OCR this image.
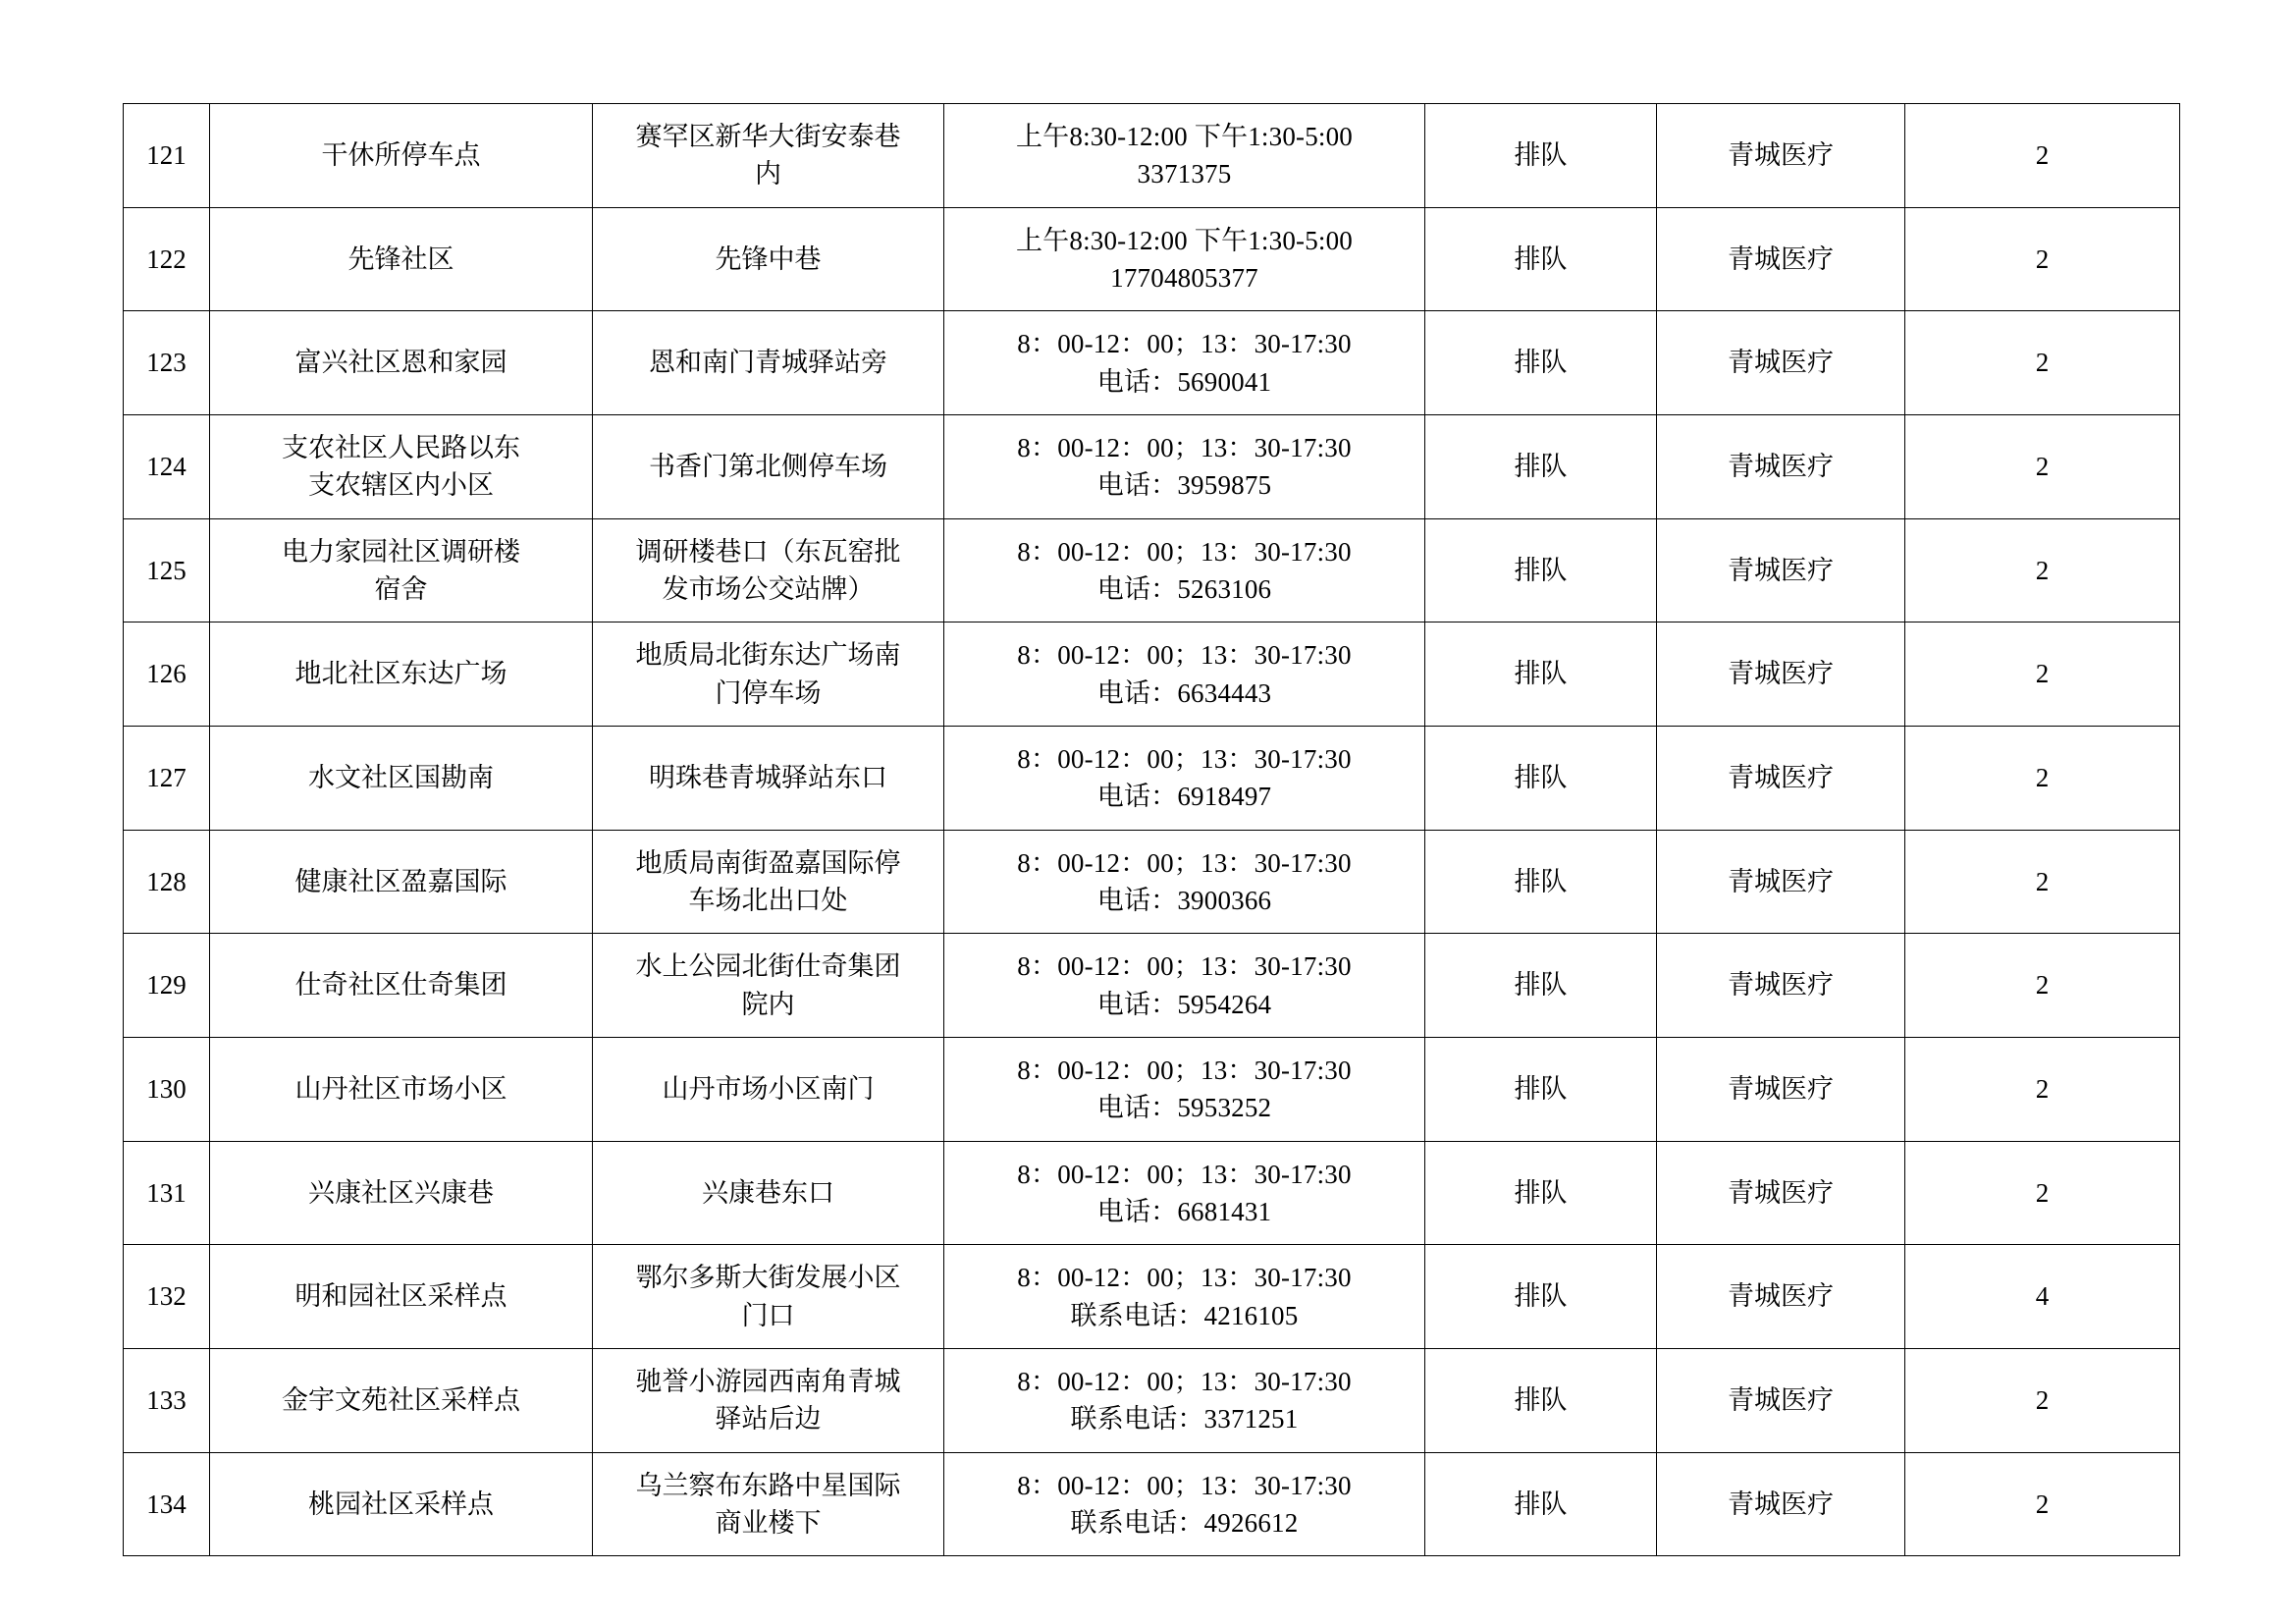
121	干休所停车点	赛罕区新华大街安泰巷
内	上午8:30-12:00 下午1:30-5:00
3371375	排队	青城医疗	2
122	先锋社区	先锋中巷	上午8:30-12:00 下午1:30-5:00
17704805377	排队	青城医疗	2
123	富兴社区恩和家园	恩和南门青城驿站旁	8：00-12：00；13：30-17:30
电话：5690041	排队	青城医疗	2
124	支农社区人民路以东
支农辖区内小区	书香门第北侧停车场	8：00-12：00；13：30-17:30
电话：3959875	排队	青城医疗	2
125	电力家园社区调研楼
宿舍	调研楼巷口（东瓦窑批
发市场公交站牌）	8：00-12：00；13：30-17:30
电话：5263106	排队	青城医疗	2
126	地北社区东达广场	地质局北街东达广场南
门停车场	8：00-12：00；13：30-17:30
电话：6634443	排队	青城医疗	2
127	水文社区国勘南	明珠巷青城驿站东口	8：00-12：00；13：30-17:30
电话：6918497	排队	青城医疗	2
128	健康社区盈嘉国际	地质局南街盈嘉国际停
车场北出口处	8：00-12：00；13：30-17:30
电话：3900366	排队	青城医疗	2
129	仕奇社区仕奇集团	水上公园北街仕奇集团
院内	8：00-12：00；13：30-17:30
电话：5954264	排队	青城医疗	2
130	山丹社区市场小区	山丹市场小区南门	8：00-12：00；13：30-17:30
电话：5953252	排队	青城医疗	2
131	兴康社区兴康巷	兴康巷东口	8：00-12：00；13：30-17:30
电话：6681431	排队	青城医疗	2
132	明和园社区采样点	鄂尔多斯大街发展小区
门口	8：00-12：00；13：30-17:30
联系电话：4216105	排队	青城医疗	4
133	金宇文苑社区采样点	驰誉小游园西南角青城
驿站后边	8：00-12：00；13：30-17:30
联系电话：3371251	排队	青城医疗	2
134	桃园社区采样点	乌兰察布东路中星国际
商业楼下	8：00-12：00；13：30-17:30
联系电话：4926612	排队	青城医疗	2
